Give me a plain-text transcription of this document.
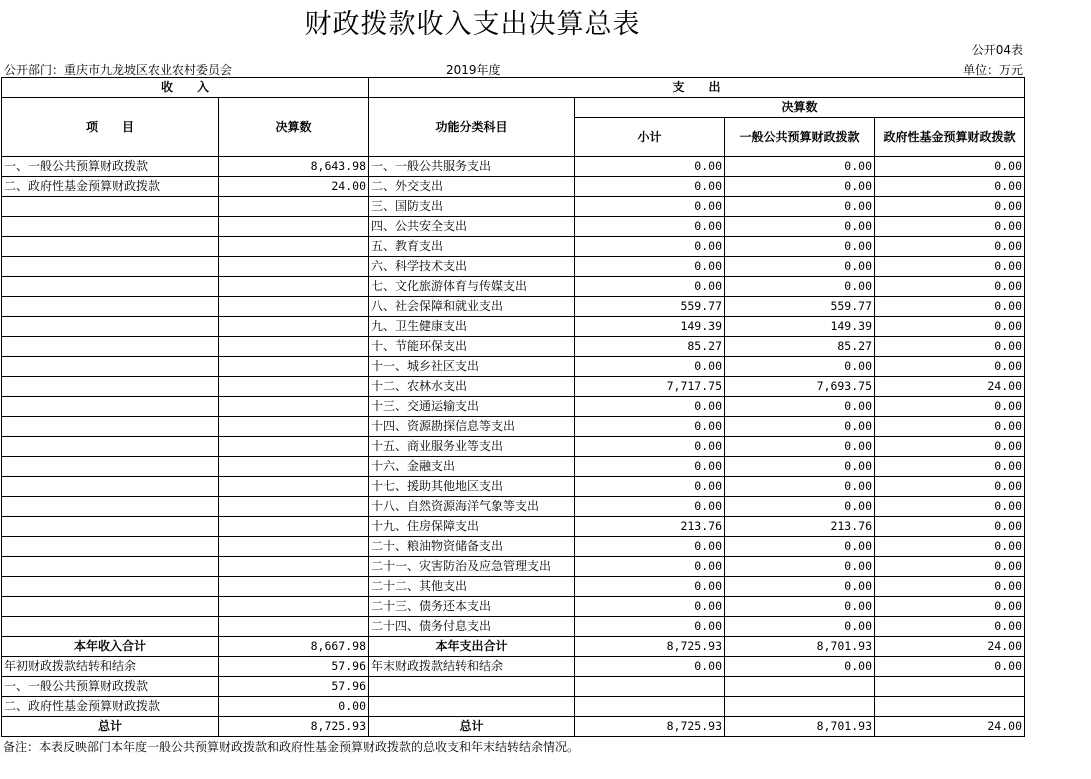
财政拨款收入支出决算总表
公开04表
公开部门：重庆市九龙坡区农业农村委员会	2019年度	单位：万元
收　　入		支　　出			
项　　目	决算数	功能分类科目	决算数		
			小计	一般公共预算财政拨款	政府性基金预算财政拨款

一、一般公共预算财政拨款	8,643.98	一、一般公共服务支出	0.00	0.00	0.00
二、政府性基金预算财政拨款	24.00	二、外交支出	0.00	0.00	0.00
		三、国防支出	0.00	0.00	0.00
		四、公共安全支出	0.00	0.00	0.00
		五、教育支出	0.00	0.00	0.00
		六、科学技术支出	0.00	0.00	0.00
		七、文化旅游体育与传媒支出	0.00	0.00	0.00
		八、社会保障和就业支出	559.77	559.77	0.00
		九、卫生健康支出	149.39	149.39	0.00
		十、节能环保支出	85.27	85.27	0.00
		十一、城乡社区支出	0.00	0.00	0.00
		十二、农林水支出	7,717.75	7,693.75	24.00
		十三、交通运输支出	0.00	0.00	0.00
		十四、资源勘探信息等支出	0.00	0.00	0.00
		十五、商业服务业等支出	0.00	0.00	0.00
		十六、金融支出	0.00	0.00	0.00
		十七、援助其他地区支出	0.00	0.00	0.00
		十八、自然资源海洋气象等支出	0.00	0.00	0.00
		十九、住房保障支出	213.76	213.76	0.00
		二十、粮油物资储备支出	0.00	0.00	0.00
		二十一、灾害防治及应急管理支出	0.00	0.00	0.00
		二十二、其他支出	0.00	0.00	0.00
		二十三、债务还本支出	0.00	0.00	0.00
		二十四、债务付息支出	0.00	0.00	0.00
本年收入合计	8,667.98	本年支出合计	8,725.93	8,701.93	24.00
年初财政拨款结转和结余	57.96	年末财政拨款结转和结余	0.00	0.00	0.00
一、一般公共预算财政拨款	57.96				
二、政府性基金预算财政拨款	0.00				
总计	8,725.93	总计	8,725.93	8,701.93	24.00
备注：本表反映部门本年度一般公共预算财政拨款和政府性基金预算财政拨款的总收支和年末结转结余情况。
